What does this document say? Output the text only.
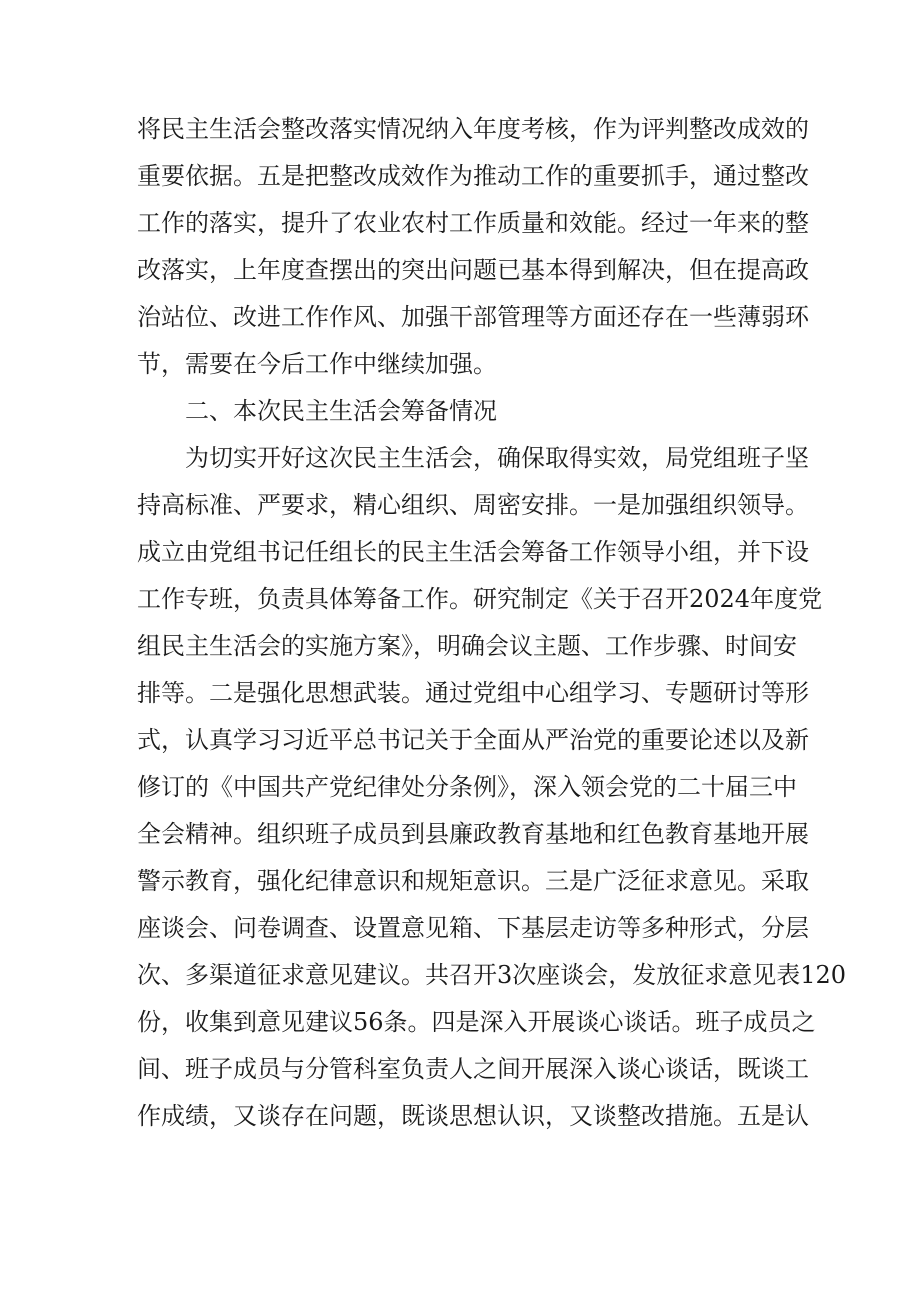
将民主生活会整改落实情况纳入年度考核，作为评判整改成效的
重要依据。五是把整改成效作为推动工作的重要抓手，通过整改
工作的落实，提升了农业农村工作质量和效能。经过一年来的整
改落实，上年度查摆出的突出问题已基本得到解决，但在提高政
治站位、改进工作作风、加强干部管理等方面还存在一些薄弱环
节，需要在今后工作中继续加强。
二、本次民主生活会筹备情况
为切实开好这次民主生活会，确保取得实效，局党组班子坚
持高标准、严要求，精心组织、周密安排。一是加强组织领导。
成立由党组书记任组长的民主生活会筹备工作领导小组，并下设
工作专班，负责具体筹备工作。研究制定《关于召开2024年度党
组民主生活会的实施方案》，明确会议主题、工作步骤、时间安
排等。二是强化思想武装。通过党组中心组学习、专题研讨等形
式，认真学习习近平总书记关于全面从严治党的重要论述以及新
修订的《中国共产党纪律处分条例》，深入领会党的二十届三中
全会精神。组织班子成员到县廉政教育基地和红色教育基地开展
警示教育，强化纪律意识和规矩意识。三是广泛征求意见。采取
座谈会、问卷调查、设置意见箱、下基层走访等多种形式，分层
次、多渠道征求意见建议。共召开3次座谈会，发放征求意见表120
份，收集到意见建议56条。四是深入开展谈心谈话。班子成员之
间、班子成员与分管科室负责人之间开展深入谈心谈话，既谈工
作成绩，又谈存在问题，既谈思想认识，又谈整改措施。五是认
